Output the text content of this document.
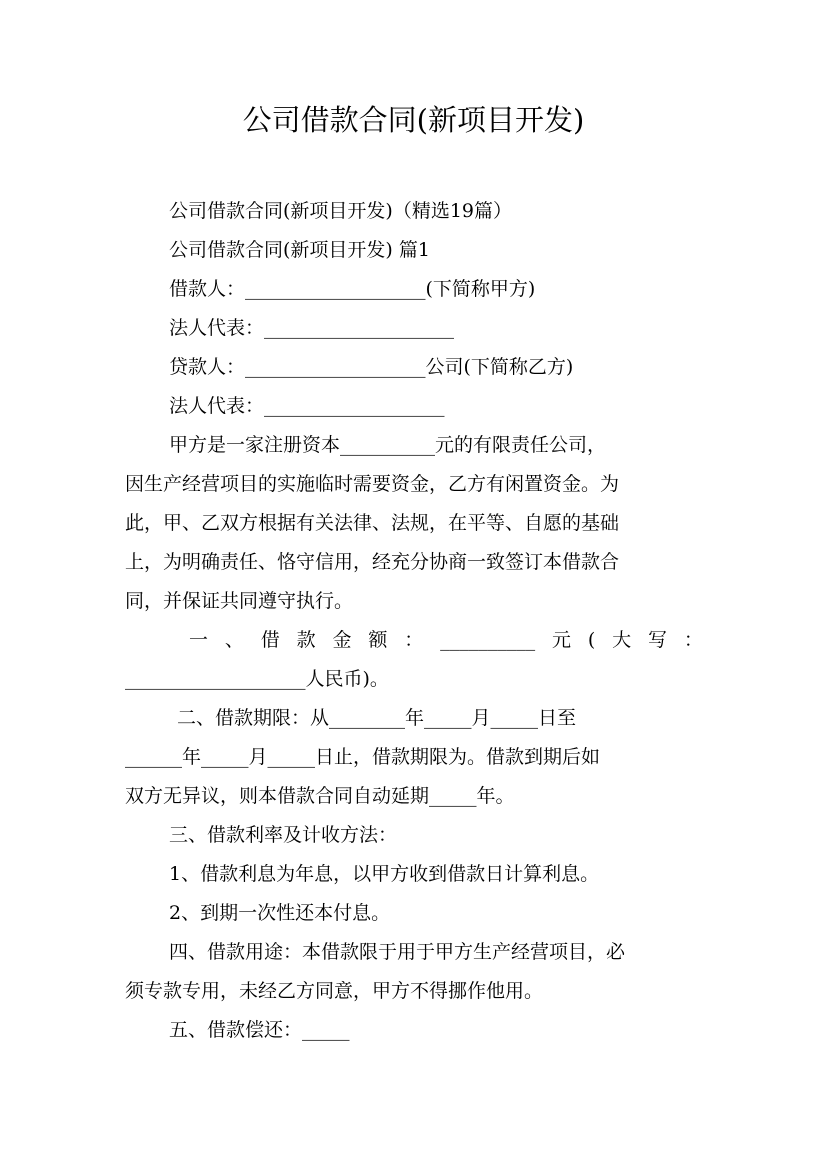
公司借款合同(新项目开发)
公司借款合同(新项目开发)（精选19篇）
公司借款合同(新项目开发) 篇1
借款人：___________________(下简称甲方)
法人代表：____________________
贷款人：___________________公司(下简称乙方)
法人代表：___________________
甲方是一家注册资本__________元的有限责任公司，
因生产经营项目的实施临时需要资金，乙方有闲置资金。为
此，甲、乙双方根据有关法律、法规，在平等、自愿的基础
上，为明确责任、恪守信用，经充分协商一致签订本借款合
同，并保证共同遵守执行。
一 、 借 款 金 额 ： __________ 元 ( 大 写 ：
___________________人民币)。
二、借款期限：从________年_____月_____日至
______年_____月_____日止，借款期限为。借款到期后如
双方无异议，则本借款合同自动延期_____年。
三、借款利率及计收方法：
1、借款利息为年息，以甲方收到借款日计算利息。
2、到期一次性还本付息。
四、借款用途：本借款限于用于甲方生产经营项目，必
须专款专用，未经乙方同意，甲方不得挪作他用。
五、借款偿还：_____
